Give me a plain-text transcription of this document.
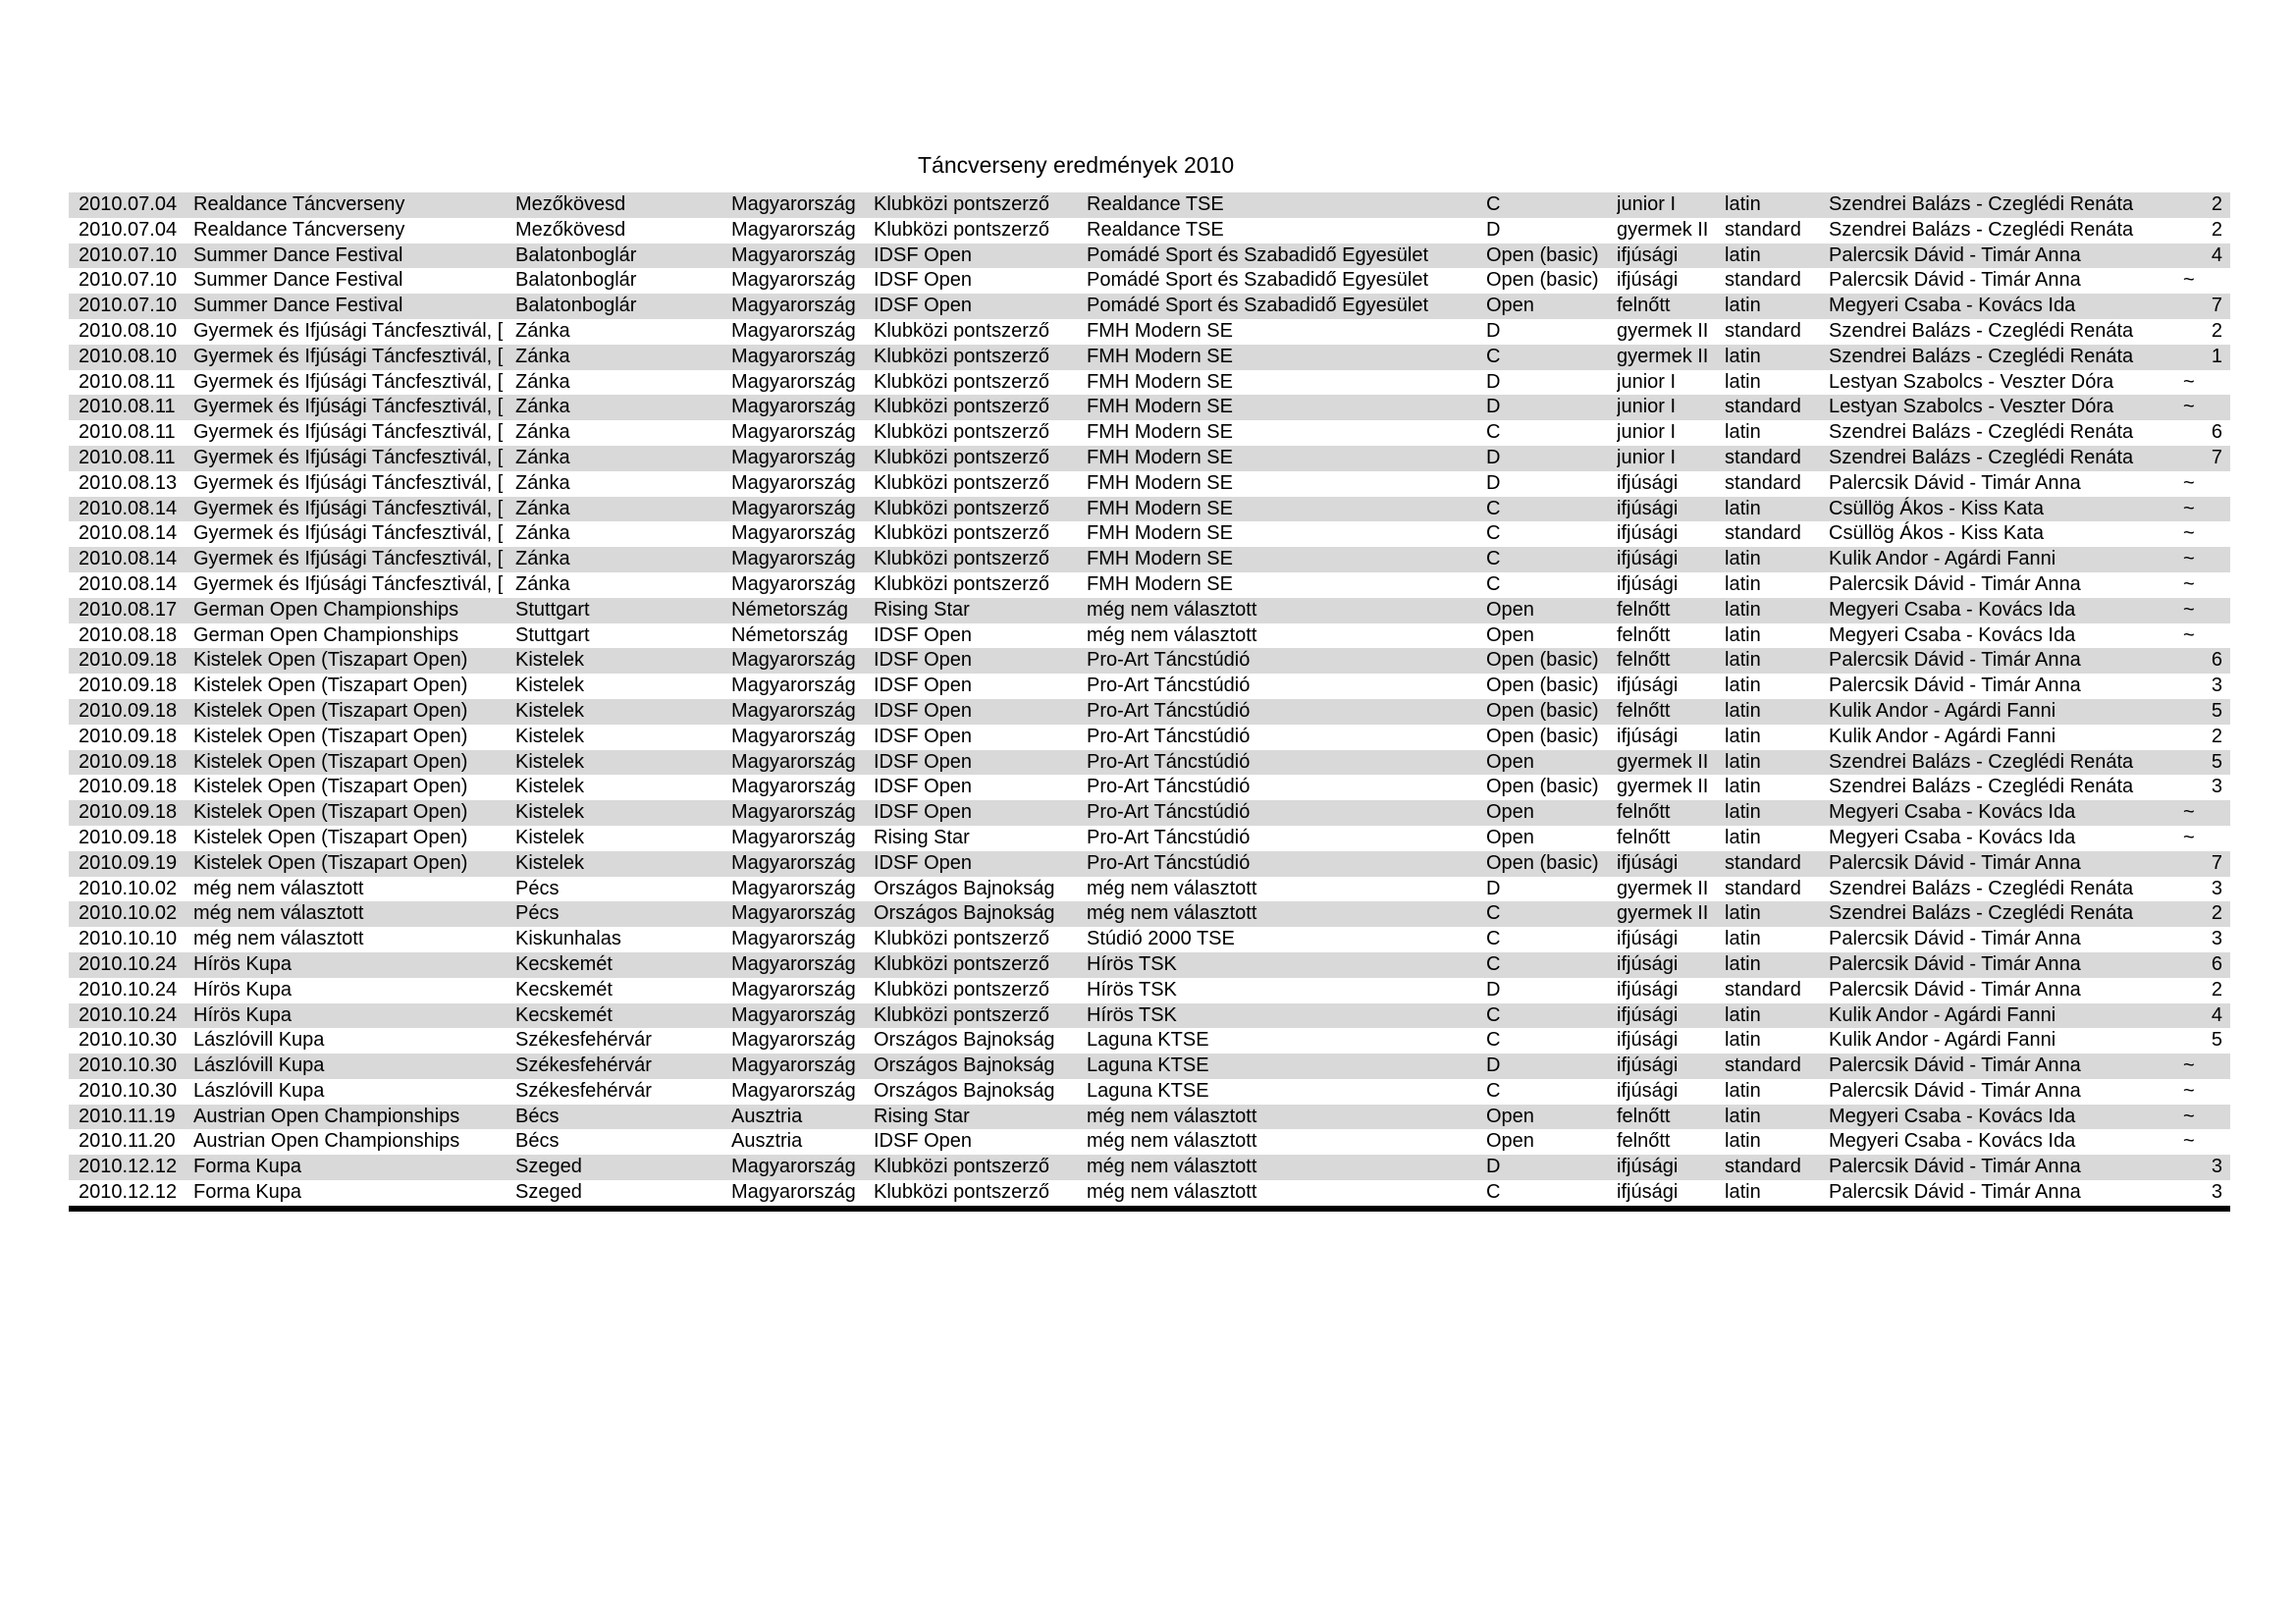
Táncverseny eredmények 2010
2010.07.04 Realdance Táncverseny	Mezőkövesd	Magyarország Klubközi pontszerző	Realdance TSE	C	junior I	latin	Szendrei Balázs - Czeglédi Renáta	2
2010.07.04 Realdance Táncverseny	Mezőkövesd	Magyarország Klubközi pontszerző	Realdance TSE	D	gyermek II standard	Szendrei Balázs - Czeglédi Renáta	2
2010.07.10 Summer Dance Festival	Balatonboglár	Magyarország IDSF Open	Pomádé Sport és Szabadidő Egyesület	Open (basic) ifjúsági	latin	Palercsik Dávid - Timár Anna	4
2010.07.10 Summer Dance Festival	Balatonboglár	Magyarország IDSF Open	Pomádé Sport és Szabadidő Egyesület	Open (basic) ifjúsági	standard	Palercsik Dávid - Timár Anna	~
2010.07.10 Summer Dance Festival	Balatonboglár	Magyarország IDSF Open	Pomádé Sport és Szabadidő Egyesület	Open	felnőtt	latin	Megyeri Csaba - Kovács Ida	7
2010.08.10 Gyermek és Ifjúsági Táncfesztivál, [ Zánka	Magyarország Klubközi pontszerző	FMH Modern SE	D	gyermek II standard	Szendrei Balázs - Czeglédi Renáta	2
2010.08.10 Gyermek és Ifjúsági Táncfesztivál, [ Zánka	Magyarország Klubközi pontszerző	FMH Modern SE	C	gyermek II latin	Szendrei Balázs - Czeglédi Renáta	1
2010.08.11 Gyermek és Ifjúsági Táncfesztivál, [ Zánka	Magyarország Klubközi pontszerző	FMH Modern SE	D	junior I	latin	Lestyan Szabolcs - Veszter Dóra	~
2010.08.11 Gyermek és Ifjúsági Táncfesztivál, [ Zánka	Magyarország Klubközi pontszerző	FMH Modern SE	D	junior I	standard	Lestyan Szabolcs - Veszter Dóra	~
2010.08.11 Gyermek és Ifjúsági Táncfesztivál, [ Zánka	Magyarország Klubközi pontszerző	FMH Modern SE	C	junior I	latin	Szendrei Balázs - Czeglédi Renáta	6
2010.08.11 Gyermek és Ifjúsági Táncfesztivál, [ Zánka	Magyarország Klubközi pontszerző	FMH Modern SE	D	junior I	standard	Szendrei Balázs - Czeglédi Renáta	7
2010.08.13 Gyermek és Ifjúsági Táncfesztivál, [ Zánka	Magyarország Klubközi pontszerző	FMH Modern SE	D	ifjúsági	standard	Palercsik Dávid - Timár Anna	~
2010.08.14 Gyermek és Ifjúsági Táncfesztivál, [ Zánka	Magyarország Klubközi pontszerző	FMH Modern SE	C	ifjúsági	latin	Csüllög Ákos - Kiss Kata	~
2010.08.14 Gyermek és Ifjúsági Táncfesztivál, [ Zánka	Magyarország Klubközi pontszerző	FMH Modern SE	C	ifjúsági	standard	Csüllög Ákos - Kiss Kata	~
2010.08.14 Gyermek és Ifjúsági Táncfesztivál, [ Zánka	Magyarország Klubközi pontszerző	FMH Modern SE	C	ifjúsági	latin	Kulik Andor - Agárdi Fanni	~
2010.08.14 Gyermek és Ifjúsági Táncfesztivál, [ Zánka	Magyarország Klubközi pontszerző	FMH Modern SE	C	ifjúsági	latin	Palercsik Dávid - Timár Anna	~
2010.08.17 German Open Championships	Stuttgart	Németország	Rising Star	még nem választott	Open	felnőtt	latin	Megyeri Csaba - Kovács Ida	~
2010.08.18 German Open Championships	Stuttgart	Németország	IDSF Open	még nem választott	Open	felnőtt	latin	Megyeri Csaba - Kovács Ida	~
2010.09.18 Kistelek Open (Tiszapart Open)	Kistelek	Magyarország IDSF Open	Pro-Art Táncstúdió	Open (basic) felnőtt	latin	Palercsik Dávid - Timár Anna	6
2010.09.18 Kistelek Open (Tiszapart Open)	Kistelek	Magyarország IDSF Open	Pro-Art Táncstúdió	Open (basic) ifjúsági	latin	Palercsik Dávid - Timár Anna	3
2010.09.18 Kistelek Open (Tiszapart Open)	Kistelek	Magyarország IDSF Open	Pro-Art Táncstúdió	Open (basic) felnőtt	latin	Kulik Andor - Agárdi Fanni	5
2010.09.18 Kistelek Open (Tiszapart Open)	Kistelek	Magyarország IDSF Open	Pro-Art Táncstúdió	Open (basic) ifjúsági	latin	Kulik Andor - Agárdi Fanni	2
2010.09.18 Kistelek Open (Tiszapart Open)	Kistelek	Magyarország IDSF Open	Pro-Art Táncstúdió	Open	gyermek II latin	Szendrei Balázs - Czeglédi Renáta	5
2010.09.18 Kistelek Open (Tiszapart Open)	Kistelek	Magyarország IDSF Open	Pro-Art Táncstúdió	Open (basic) gyermek II latin	Szendrei Balázs - Czeglédi Renáta	3
2010.09.18 Kistelek Open (Tiszapart Open)	Kistelek	Magyarország IDSF Open	Pro-Art Táncstúdió	Open	felnőtt	latin	Megyeri Csaba - Kovács Ida	~
2010.09.18 Kistelek Open (Tiszapart Open)	Kistelek	Magyarország Rising Star	Pro-Art Táncstúdió	Open	felnőtt	latin	Megyeri Csaba - Kovács Ida	~
2010.09.19 Kistelek Open (Tiszapart Open)	Kistelek	Magyarország IDSF Open	Pro-Art Táncstúdió	Open (basic) ifjúsági	standard	Palercsik Dávid - Timár Anna	7
2010.10.02 még nem választott	Pécs	Magyarország Országos Bajnokság	még nem választott	D	gyermek II standard	Szendrei Balázs - Czeglédi Renáta	3
2010.10.02 még nem választott	Pécs	Magyarország Országos Bajnokság	még nem választott	C	gyermek II latin	Szendrei Balázs - Czeglédi Renáta	2
2010.10.10 még nem választott	Kiskunhalas	Magyarország Klubközi pontszerző	Stúdió 2000 TSE	C	ifjúsági	latin	Palercsik Dávid - Timár Anna	3
2010.10.24 Hírös Kupa	Kecskemét	Magyarország Klubközi pontszerző	Hírös TSK	C	ifjúsági	latin	Palercsik Dávid - Timár Anna	6
2010.10.24 Hírös Kupa	Kecskemét	Magyarország Klubközi pontszerző	Hírös TSK	D	ifjúsági	standard	Palercsik Dávid - Timár Anna	2
2010.10.24 Hírös Kupa	Kecskemét	Magyarország Klubközi pontszerző	Hírös TSK	C	ifjúsági	latin	Kulik Andor - Agárdi Fanni	4
2010.10.30 Lászlóvill Kupa	Székesfehérvár	Magyarország Országos Bajnokság	Laguna KTSE	C	ifjúsági	latin	Kulik Andor - Agárdi Fanni	5
2010.10.30 Lászlóvill Kupa	Székesfehérvár	Magyarország Országos Bajnokság	Laguna KTSE	D	ifjúsági	standard	Palercsik Dávid - Timár Anna	~
2010.10.30 Lászlóvill Kupa	Székesfehérvár	Magyarország Országos Bajnokság	Laguna KTSE	C	ifjúsági	latin	Palercsik Dávid - Timár Anna	~
2010.11.19 Austrian Open Championships	Bécs	Ausztria	Rising Star	még nem választott	Open	felnőtt	latin	Megyeri Csaba - Kovács Ida	~
2010.11.20 Austrian Open Championships	Bécs	Ausztria	IDSF Open	még nem választott	Open	felnőtt	latin	Megyeri Csaba - Kovács Ida	~
2010.12.12 Forma Kupa	Szeged	Magyarország Klubközi pontszerző	még nem választott	D	ifjúsági	standard	Palercsik Dávid - Timár Anna	3
2010.12.12 Forma Kupa	Szeged	Magyarország Klubközi pontszerző	még nem választott	C	ifjúsági	latin	Palercsik Dávid - Timár Anna	3
